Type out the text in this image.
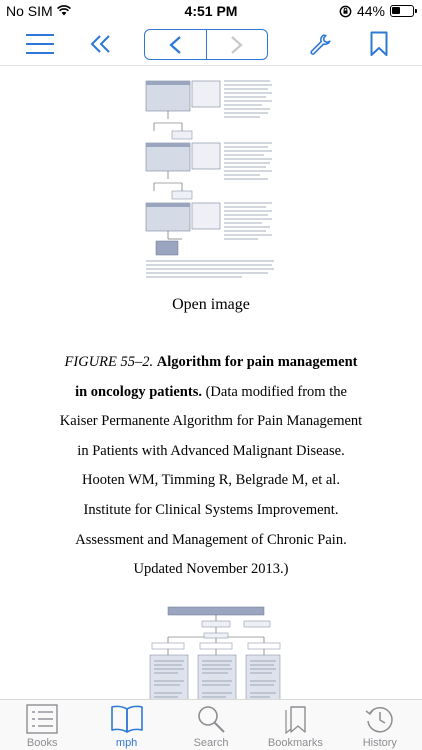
No SIM	4:51 PM	44%
Open image
FIGURE 55–2. Algorithm for pain management in oncology patients. (Data modified from the Kaiser Permanente Algorithm for Pain Management in Patients with Advanced Malignant Disease. Hooten WM, Timming R, Belgrade M, et al. Institute for Clinical Systems Improvement. Assessment and Management of Chronic Pain. Updated November 2013.)
Books	mph	Search	Bookmarks	History
